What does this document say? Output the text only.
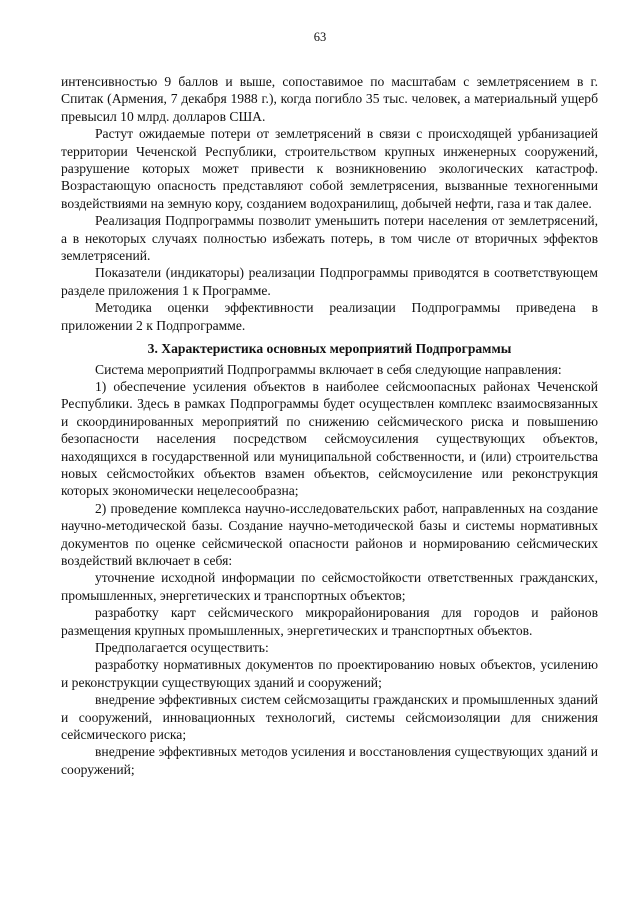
63

интенсивностью 9 баллов и выше, сопоставимое по масштабам с землетрясением в г. Спитак (Армения, 7 декабря 1988 г.), когда погибло 35 тыс. человек, а материальный ущерб превысил 10 млрд. долларов США.

Растут ожидаемые потери от землетрясений в связи с происходящей урбанизацией территории Чеченской Республики, строительством крупных инженерных сооружений, разрушение которых может привести к возникновению экологических катастроф. Возрастающую опасность представляют собой землетрясения, вызванные техногенными воздействиями на земную кору, созданием водохранилищ, добычей нефти, газа и так далее.

Реализация Подпрограммы позволит уменьшить потери населения от землетрясений, а в некоторых случаях полностью избежать потерь, в том числе от вторичных эффектов землетрясений.

Показатели (индикаторы) реализации Подпрограммы приводятся в соответствующем разделе приложения 1 к Программе.

Методика оценки эффективности реализации Подпрограммы приведена в приложении 2 к Подпрограмме.

3. Характеристика основных мероприятий Подпрограммы

Система мероприятий Подпрограммы включает в себя следующие направления:

1) обеспечение усиления объектов в наиболее сейсмоопасных районах Чеченской Республики. Здесь в рамках Подпрограммы будет осуществлен комплекс взаимосвязанных и скоординированных мероприятий по снижению сейсмического риска и повышению безопасности населения посредством сейсмоусиления существующих объектов, находящихся в государственной или муниципальной собственности, и (или) строительства новых сейсмостойких объектов взамен объектов, сейсмоусиление или реконструкция которых экономически нецелесообразна;

2) проведение комплекса научно-исследовательских работ, направленных на создание научно-методической базы. Создание научно-методической базы и системы нормативных документов по оценке сейсмической опасности районов и нормированию сейсмических воздействий включает в себя:

уточнение исходной информации по сейсмостойкости ответственных гражданских, промышленных, энергетических и транспортных объектов;

разработку карт сейсмического микрорайонирования для городов и районов размещения крупных промышленных, энергетических и транспортных объектов.

Предполагается осуществить:

разработку нормативных документов по проектированию новых объектов, усилению и реконструкции существующих зданий и сооружений;

внедрение эффективных систем сейсмозащиты гражданских и промышленных зданий и сооружений, инновационных технологий, системы сейсмоизоляции для снижения сейсмического риска;

внедрение эффективных методов усиления и восстановления существующих зданий и сооружений;
